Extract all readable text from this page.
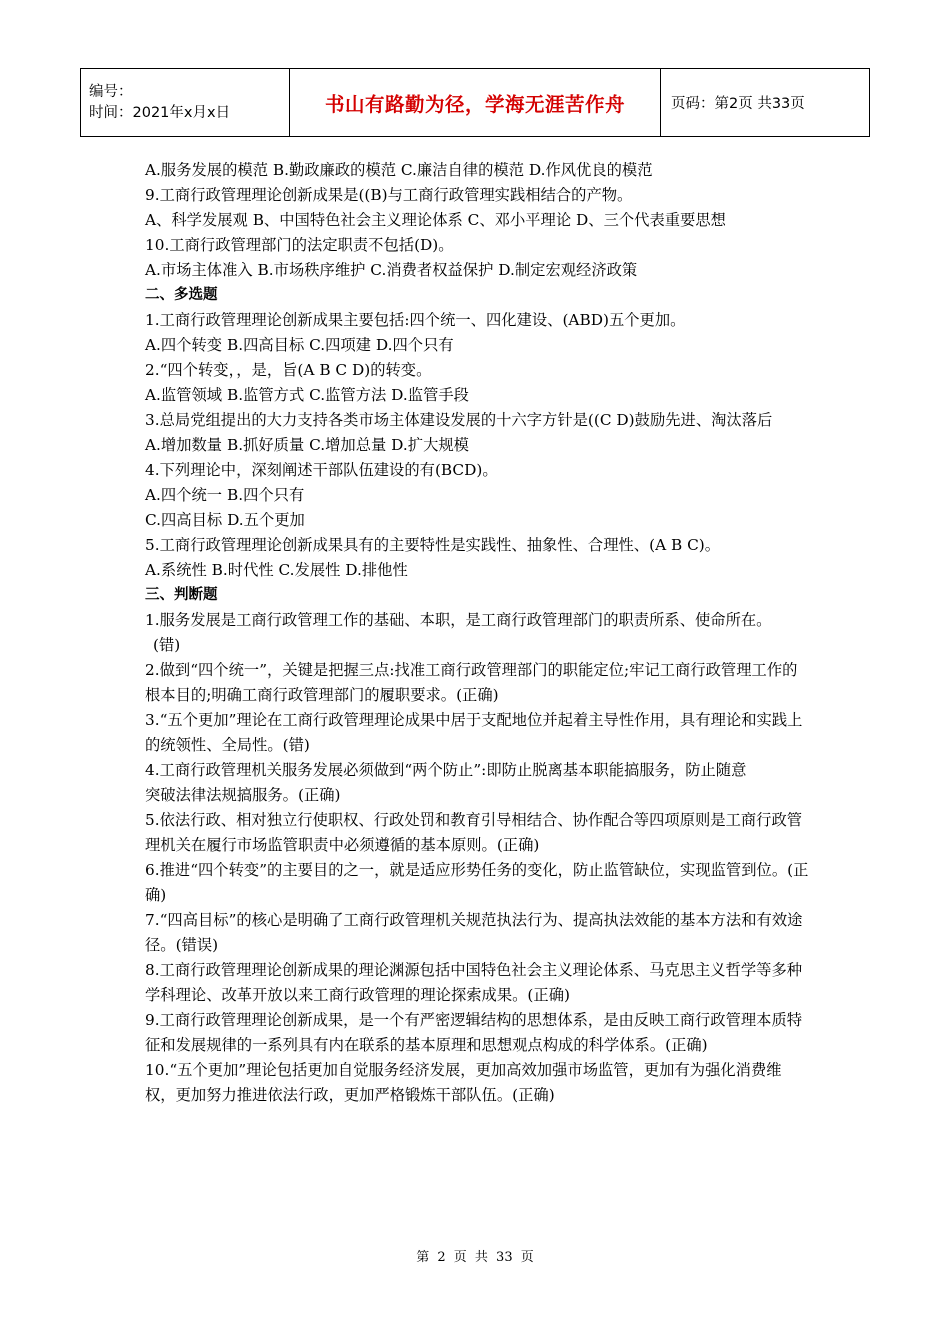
编号：
时间：2021年x月x日	书山有路勤为径，学海无涯苦作舟	页码：第2页 共33页
A.服务发展的模范 B.勤政廉政的模范 C.廉洁自律的模范 D.作风优良的模范
9.工商行政管理理论创新成果是((B)与工商行政管理实践相结合的产物。
A、科学发展观 B、中国特色社会主义理论体系 C、邓小平理论 D、三个代表重要思想
10.工商行政管理部门的法定职责不包括(D)。
A.市场主体准入 B.市场秩序维护 C.消费者权益保护 D.制定宏观经济政策
二、多选题
1.工商行政管理理论创新成果主要包括:四个统一、四化建设、(ABD)五个更加。
A.四个转变 B.四高目标 C.四项建 D.四个只有
2.“四个转变，，是，旨(A B C D)的转变。
A.监管领域 B.监管方式 C.监管方法 D.监管手段
3.总局党组提出的大力支持各类市场主体建设发展的十六字方针是((C D)鼓励先进、淘汰落后
A.增加数量 B.抓好质量 C.增加总量 D.扩大规模
4.下列理论中，深刻阐述干部队伍建设的有(BCD)。
A.四个统一 B.四个只有
C.四高目标 D.五个更加
5.工商行政管理理论创新成果具有的主要特性是实践性、抽象性、合理性、(A B C)。
A.系统性 B.时代性 C.发展性 D.排他性
三、判断题
1.服务发展是工商行政管理工作的基础、本职，是工商行政管理部门的职责所系、使命所在。
(错)
2.做到“四个统一”，关键是把握三点:找准工商行政管理部门的职能定位;牢记工商行政管理工作的根本目的;明确工商行政管理部门的履职要求。(正确)
3.“五个更加”理论在工商行政管理理论成果中居于支配地位并起着主导性作用，具有理论和实践上的统领性、全局性。(错)
4.工商行政管理机关服务发展必须做到“两个防止”:即防止脱离基本职能搞服务，防止随意
突破法律法规搞服务。(正确)
5.依法行政、相对独立行使职权、行政处罚和教育引导相结合、协作配合等四项原则是工商行政管理机关在履行市场监管职责中必须遵循的基本原则。(正确)
6.推进“四个转变”的主要目的之一，就是适应形势任务的变化，防止监管缺位，实现监管到位。(正确)
7.“四高目标”的核心是明确了工商行政管理机关规范执法行为、提高执法效能的基本方法和有效途径。(错误)
8.工商行政管理理论创新成果的理论渊源包括中国特色社会主义理论体系、马克思主义哲学等多种学科理论、改革开放以来工商行政管理的理论探索成果。(正确)
9.工商行政管理理论创新成果，是一个有严密逻辑结构的思想体系，是由反映工商行政管理本质特征和发展规律的一系列具有内在联系的基本原理和思想观点构成的科学体系。(正确)
10.“五个更加”理论包括更加自觉服务经济发展，更加高效加强市场监管，更加有为强化消费维权，更加努力推进依法行政，更加严格锻炼干部队伍。(正确)
第 2 页 共 33 页
